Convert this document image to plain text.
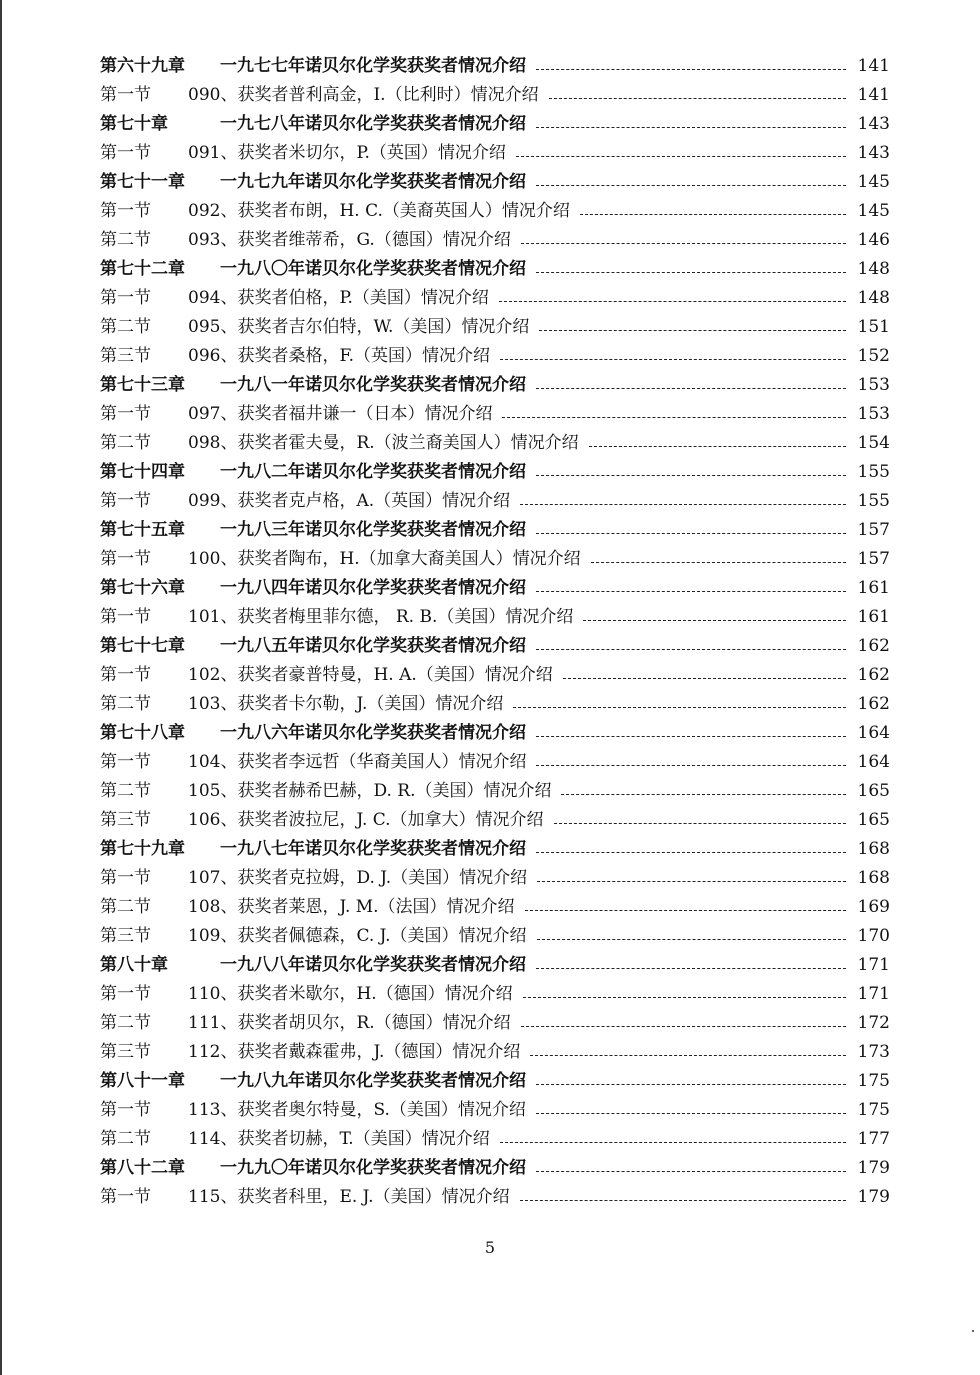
第六十九章	一九七七年诺贝尔化学奖获奖者情况介绍	141
第一节	090、获奖者普利高金，I.（比利时）情况介绍	141
第七十章	一九七八年诺贝尔化学奖获奖者情况介绍	143
第一节	091、获奖者米切尔，P.（英国）情况介绍	143
第七十一章	一九七九年诺贝尔化学奖获奖者情况介绍	145
第一节	092、获奖者布朗，H. C.（美裔英国人）情况介绍	145
第二节	093、获奖者维蒂希，G.（德国）情况介绍	146
第七十二章	一九八〇年诺贝尔化学奖获奖者情况介绍	148
第一节	094、获奖者伯格，P.（美国）情况介绍	148
第二节	095、获奖者吉尔伯特，W.（美国）情况介绍	151
第三节	096、获奖者桑格，F.（英国）情况介绍	152
第七十三章	一九八一年诺贝尔化学奖获奖者情况介绍	153
第一节	097、获奖者福井谦一（日本）情况介绍	153
第二节	098、获奖者霍夫曼，R.（波兰裔美国人）情况介绍	154
第七十四章	一九八二年诺贝尔化学奖获奖者情况介绍	155
第一节	099、获奖者克卢格，A.（英国）情况介绍	155
第七十五章	一九八三年诺贝尔化学奖获奖者情况介绍	157
第一节	100、获奖者陶布，H.（加拿大裔美国人）情况介绍	157
第七十六章	一九八四年诺贝尔化学奖获奖者情况介绍	161
第一节	101、获奖者梅里菲尔德， R. B.（美国）情况介绍	161
第七十七章	一九八五年诺贝尔化学奖获奖者情况介绍	162
第一节	102、获奖者豪普特曼，H. A.（美国）情况介绍	162
第二节	103、获奖者卡尔勒，J.（美国）情况介绍	162
第七十八章	一九八六年诺贝尔化学奖获奖者情况介绍	164
第一节	104、获奖者李远哲（华裔美国人）情况介绍	164
第二节	105、获奖者赫希巴赫，D. R.（美国）情况介绍	165
第三节	106、获奖者波拉尼，J. C.（加拿大）情况介绍	165
第七十九章	一九八七年诺贝尔化学奖获奖者情况介绍	168
第一节	107、获奖者克拉姆，D. J.（美国）情况介绍	168
第二节	108、获奖者莱恩，J. M.（法国）情况介绍	169
第三节	109、获奖者佩德森，C. J.（美国）情况介绍	170
第八十章	一九八八年诺贝尔化学奖获奖者情况介绍	171
第一节	110、获奖者米歇尔，H.（德国）情况介绍	171
第二节	111、获奖者胡贝尔，R.（德国）情况介绍	172
第三节	112、获奖者戴森霍弗，J.（德国）情况介绍	173
第八十一章	一九八九年诺贝尔化学奖获奖者情况介绍	175
第一节	113、获奖者奥尔特曼，S.（美国）情况介绍	175
第二节	114、获奖者切赫，T.（美国）情况介绍	177
第八十二章	一九九〇年诺贝尔化学奖获奖者情况介绍	179
第一节	115、获奖者科里，E. J.（美国）情况介绍	179
5
